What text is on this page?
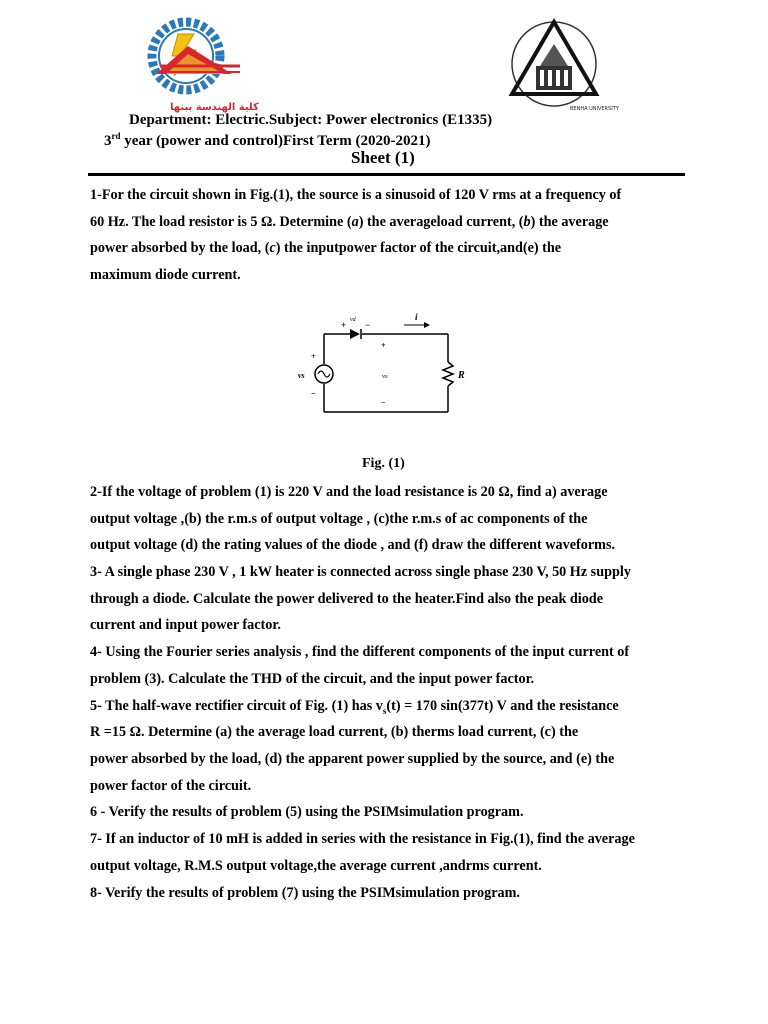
كلية الهندسة ببنها	BENHA UNIVERSITY
Department: Electric.Subject: Power electronics (E1335)
3rd year (power and control)First Term (2020-2021)
Sheet (1)
1-For the circuit shown in Fig.(1), the source is a sinusoid of 120 V rms at a frequency of
60 Hz. The load resistor is 5 Ω. Determine (a) the averageload current, (b) the average
power absorbed by the load, (c) the inputpower factor of the circuit,and(e) the
maximum diode current.
vd
+ −
i
+
vs
−
+
vo
−
R
Fig. (1)
2-If the voltage of problem (1) is 220 V and the load resistance is 20 Ω, find a) average
output voltage ,(b) the r.m.s of output voltage , (c)the r.m.s of ac components of the
output voltage (d) the rating values of the diode , and (f) draw the different waveforms.
3- A single phase 230 V , 1 kW heater is connected across single phase 230 V, 50 Hz supply
through a diode. Calculate the power delivered to the heater.Find also the peak diode
current and input power factor.
4- Using the Fourier series analysis , find the different components of the input current of
problem (3). Calculate the THD of the circuit, and the input power factor.
5- The half-wave rectifier circuit of Fig. (1) has $v_s(t) = 170$ sin(377t) V and the resistance
R =15 Ω. Determine (a) the average load current, (b) therms load current, (c) the
power absorbed by the load, (d) the apparent power supplied by the source, and (e) the
power factor of the circuit.
6 - Verify the results of problem (5) using the PSIMsimulation program.
7- If an inductor of 10 mH is added in series with the resistance in Fig.(1), find the average
output voltage, R.M.S output voltage,the average current ,andrms current.
8- Verify the results of problem (7) using the PSIMsimulation program.
